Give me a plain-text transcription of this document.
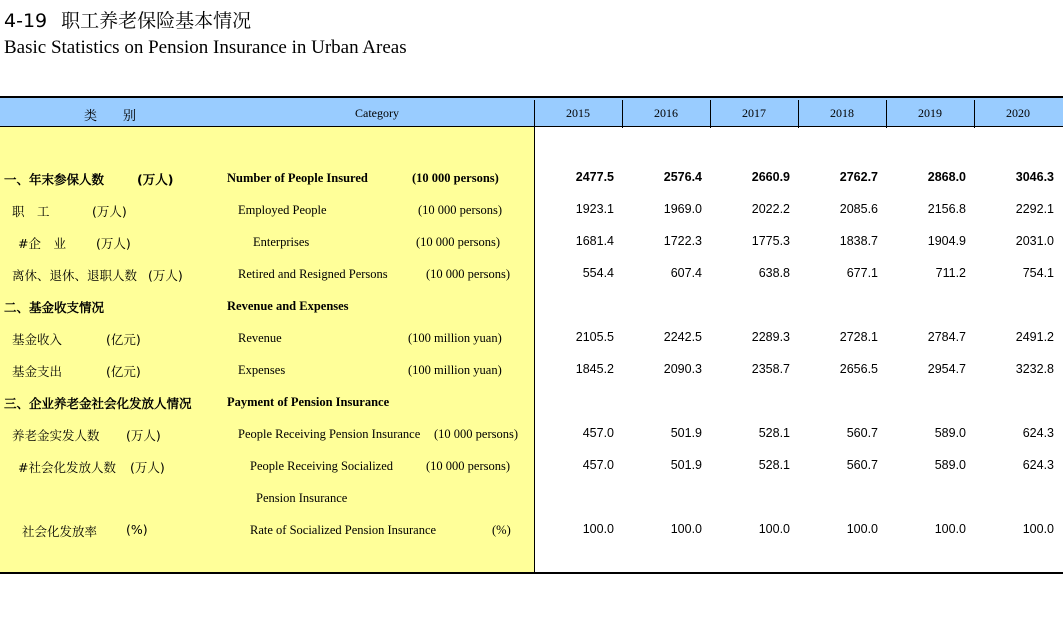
4-19 职工养老保险基本情况
Basic Statistics on Pension Insurance in Urban Areas
类别	Category	2015	2016	2017	2018	2019	2020
一、年末参保人数	(万人)	Number of People Insured	(10 000 persons)	2477.5	2576.4	2660.9	2762.7	2868.0	3046.3
职　工	(万人)	Employed People	(10 000 persons)	1923.1	1969.0	2022.2	2085.6	2156.8	2292.1
#企　业 (万人)	Enterprises	(10 000 persons)	1681.4	1722.3	1775.3	1838.7	1904.9	2031.0
离休、退休、退职人数 (万人)	Retired and Resigned Persons	(10 000 persons)	554.4	607.4	638.8	677.1	711.2	754.1
二、基金收支情况	Revenue and Expenses
基金收入	(亿元)	Revenue	(100 million yuan)	2105.5	2242.5	2289.3	2728.1	2784.7	2491.2
基金支出	(亿元)	Expenses	(100 million yuan)	1845.2	2090.3	2358.7	2656.5	2954.7	3232.8
三、企业养老金社会化发放人情况	Payment of Pension Insurance
养老金实发人数 (万人)	People Receiving Pension Insurance (10 000 persons)	457.0	501.9	528.1	560.7	589.0	624.3
#社会化发放人数 (万人)	People Receiving Socialized	(10 000 persons)	457.0	501.9	528.1	560.7	589.0	624.3
Pension Insurance
社会化发放率 (%)	Rate of Socialized Pension Insurance	(%)	100.0	100.0	100.0	100.0	100.0	100.0
